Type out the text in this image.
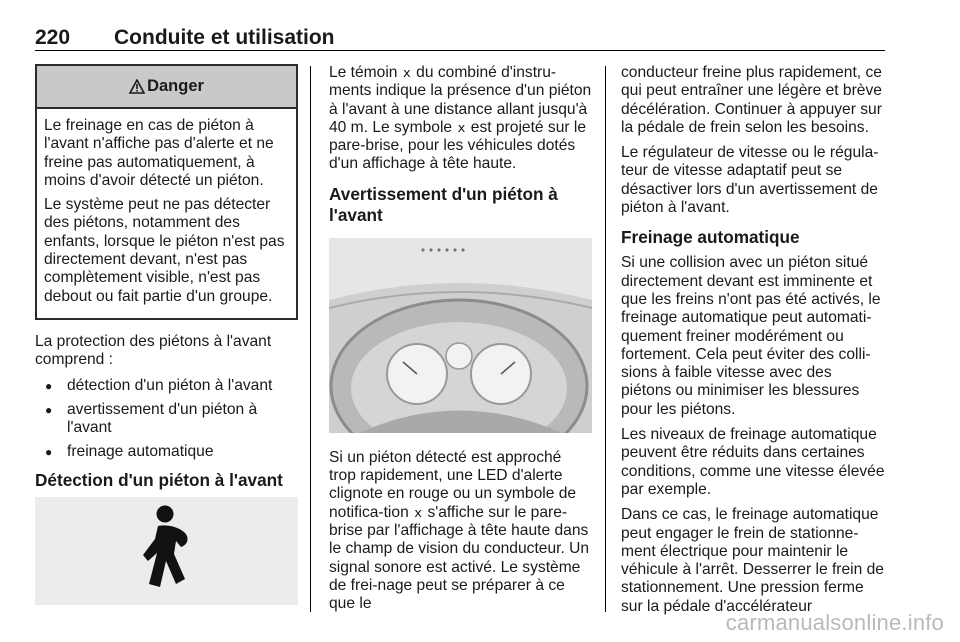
220 Conduite et utilisation
Danger

Le freinage en cas de piéton à l'avant n'affiche pas d'alerte et ne freine pas automatiquement, à moins d'avoir détecté un piéton.

Le système peut ne pas détecter des piétons, notamment des enfants, lorsque le piéton n'est pas directement devant, n'est pas complètement visible, n'est pas debout ou fait partie d'un groupe.

La protection des piétons à l'avant comprend :

● détection d'un piéton à l'avant
● avertissement d'un piéton à l'avant
● freinage automatique
Détection d'un piéton à l'avant

Le témoin ⅹ du combiné d'instru-ments indique la présence d'un piéton à l'avant à une distance allant jusqu'à 40 m. Le symbole ⅹ est projeté sur le pare-brise, pour les véhicules dotés d'un affichage à tête haute.

Avertissement d'un piéton à l'avant

Si un piéton détecté est approché trop rapidement, une LED d'alerte clignote en rouge ou un symbole de notifica-tion ⅹ s'affiche sur le pare-brise par l'affichage à tête haute dans le champ de vision du conducteur. Un signal sonore est activé. Le système de frei-nage peut se préparer à ce que le

conducteur freine plus rapidement, ce qui peut entraîner une légère et brève décélération. Continuer à appuyer sur la pédale de frein selon les besoins.

Le régulateur de vitesse ou le régula-teur de vitesse adaptatif peut se désactiver lors d'un avertissement de piéton à l'avant.

Freinage automatique

Si une collision avec un piéton situé directement devant est imminente et que les freins n'ont pas été activés, le freinage automatique peut automati-quement freiner modérément ou fortement. Cela peut éviter des colli-sions à faible vitesse avec des piétons ou minimiser les blessures pour les piétons.

Les niveaux de freinage automatique peuvent être réduits dans certaines conditions, comme une vitesse élevée par exemple.

Dans ce cas, le freinage automatique peut engager le frein de stationne-ment électrique pour maintenir le véhicule à l'arrêt. Desserrer le frein de stationnement. Une pression ferme sur la pédale d'accélérateur

carmanualsonline.info
